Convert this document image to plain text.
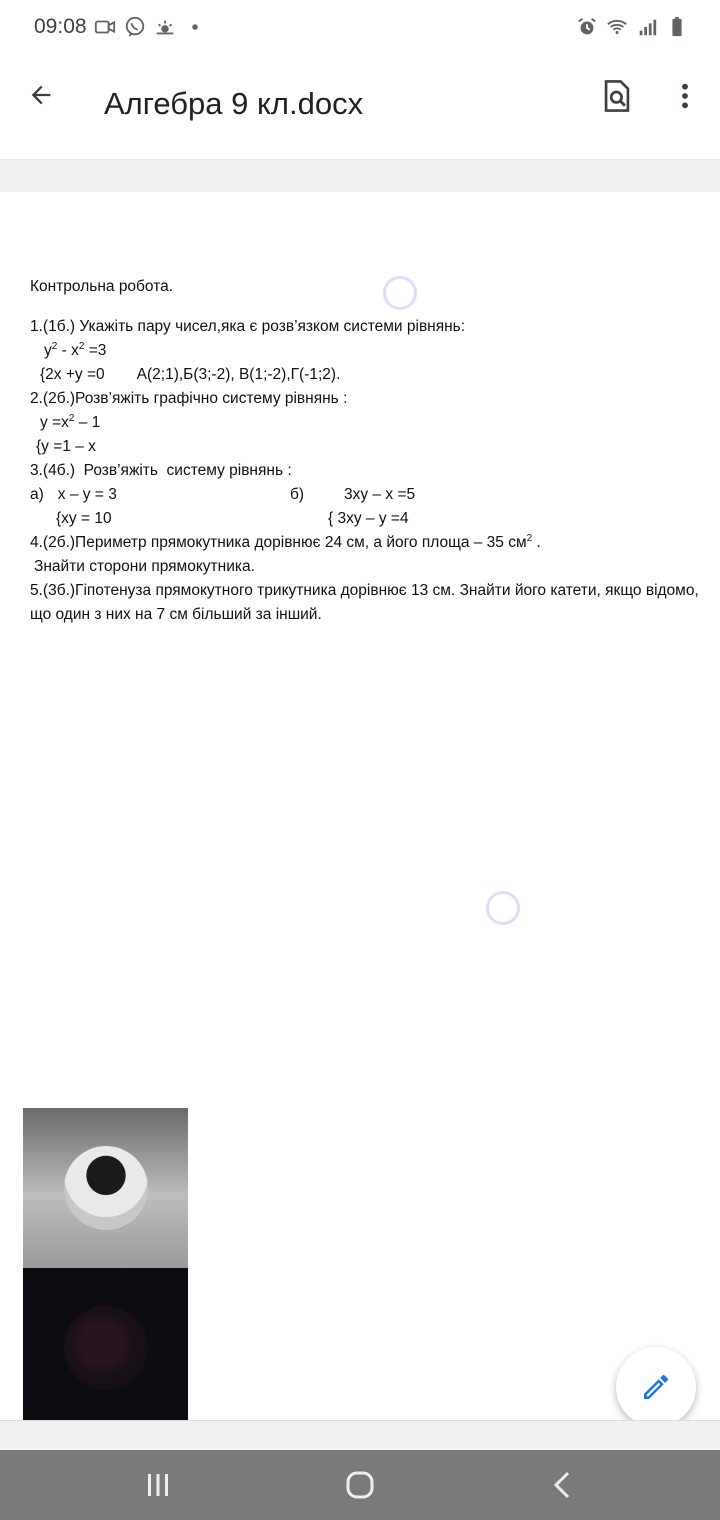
09:08
Алгебра 9 кл.docx
Контрольна робота.
1.(1б.) Укажіть пару чисел,яка є розв’язком системи рівнянь:
$y^2 - x^2 =3$
{2x +y =0 А(2;1),Б(3;-2), В(1;-2),Г(-1;2).
2.(2б.)Розв’яжіть графічно систему рівнянь :
$y =x^2 - 1$
{y =1 – x
3.(4б.)  Розв’яжіть  систему рівнянь :
а) x – y = 3	б)	3xy – x =5
{xy = 10	{ 3xy – y =4
4.(2б.)Периметр прямокутника дорівнює 24 см, а його площа – 35 $см^2$ .
Знайти сторони прямокутника.
5.(3б.)Гіпотенуза прямокутного трикутника дорівнює 13 см. Знайти його катети, якщо відомо, що один з них на 7 см більший за інший.
